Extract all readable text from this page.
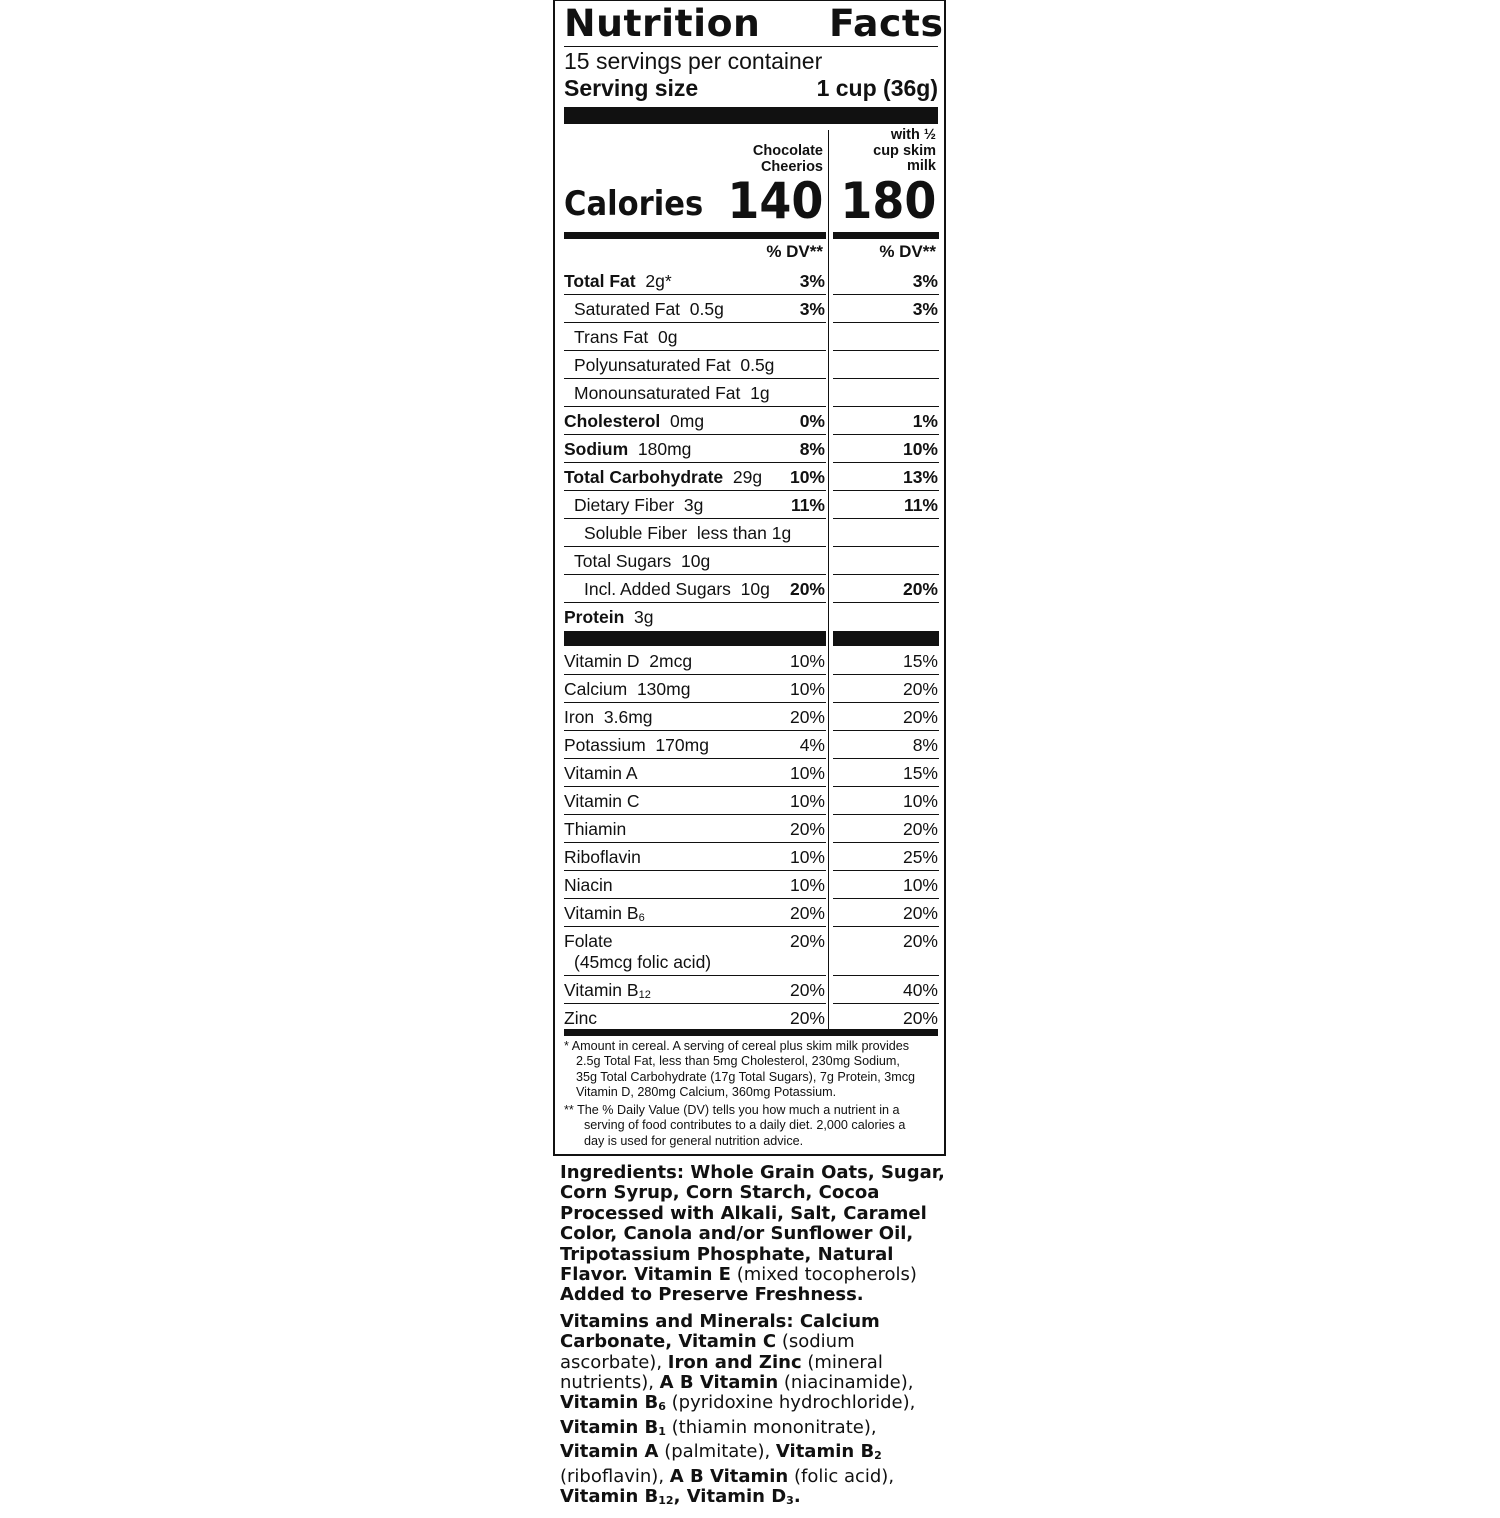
Nutrition Facts
15 servings per container
Serving size	1 cup (36g)
Chocolate
Cheerios
with ½
cup skim
milk
Calories 140 180
% DV**	% DV**
Total Fat  2g*	3%	3%
Saturated Fat  0.5g	3%	3%
Trans Fat  0g
Polyunsaturated Fat  0.5g
Monounsaturated Fat  1g
Cholesterol  0mg	0%	1%
Sodium  180mg	8%	10%
Total Carbohydrate  29g 10%	13%
Dietary Fiber  3g	11%	11%
Soluble Fiber  less than 1g
Total Sugars  10g
Incl. Added Sugars  10g 20%	20%
Protein  3g
Vitamin D  2mcg	10%	15%
Calcium  130mg	10%	20%
Iron  3.6mg	20%	20%
Potassium  170mg	4%	8%
Vitamin A	10%	15%
Vitamin C	10%	10%
Thiamin	20%	20%
Riboflavin	10%	25%
Niacin	10%	10%
Vitamin $B_6$	20%	20%
Folate
(45mcg folic acid)
20%	20%
Vitamin $B_{12}$	20%	40%
Zinc	20%	20%
* Amount in cereal. A serving of cereal plus skim milk provides
2.5g Total Fat, less than 5mg Cholesterol, 230mg Sodium,
35g Total Carbohydrate (17g Total Sugars), 7g Protein, 3mcg
Vitamin D, 280mg Calcium, 360mg Potassium.
** The % Daily Value (DV) tells you how much a nutrient in a
serving of food contributes to a daily diet. 2,000 calories a
day is used for general nutrition advice.

Ingredients: Whole Grain Oats, Sugar, Corn Syrup, Corn Starch, Cocoa Processed with Alkali, Salt, Caramel Color, Canola and/or Sunflower Oil, Tripotassium Phosphate, Natural Flavor. Vitamin E (mixed tocopherols) Added to Preserve Freshness.

Vitamins and Minerals: Calcium Carbonate, Vitamin C (sodium ascorbate), Iron and Zinc (mineral nutrients), A B Vitamin (niacinamide), Vitamin $B_6$ (pyridoxine hydrochloride), Vitamin $B_1$ (thiamin mononitrate), Vitamin A (palmitate), Vitamin $B_2$ (riboflavin), A B Vitamin (folic acid), Vitamin $B_{12}$, Vitamin $D_3$.
